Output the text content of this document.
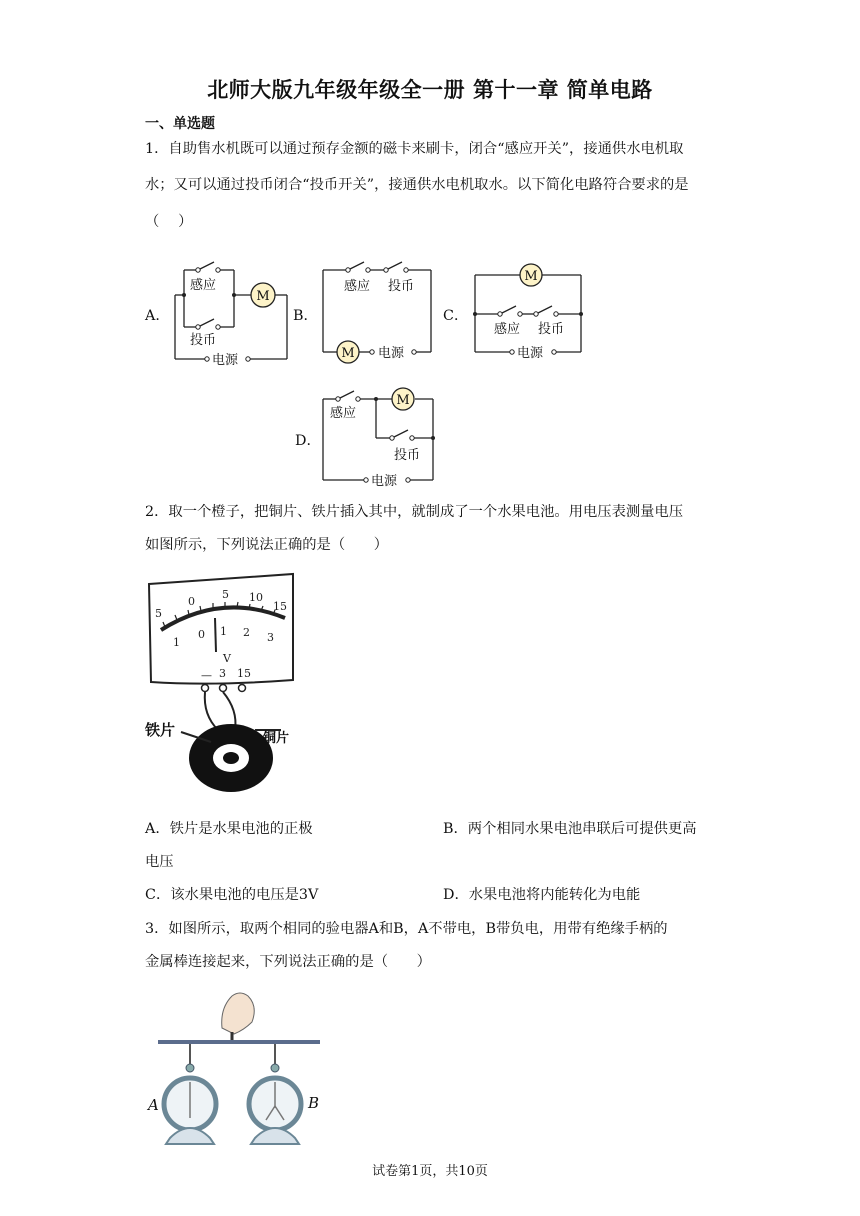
北师大版九年级年级全一册 第十一章 简单电路
一、单选题
1．自助售水机既可以通过预存金额的磁卡来刷卡，闭合“感应开关”，接通供水电机取
水；又可以通过投币闭合“投币开关”，接通供水电机取水。以下简化电路符合要求的是
（　 ）
A．	B．	C．
D．
M
感应
投币
电源
感应 投币
M 电源
M
感应 投币
电源
M
感应
投币
电源
2．取一个橙子，把铜片、铁片插入其中，就制成了一个水果电池。用电压表测量电压
如图所示，下列说法正确的是（　　）
5
0
5 10
15
1
0 1 2 3
V
— 3 15
铁片	铜片
A．铁片是水果电池的正极	B．两个相同水果电池串联后可提供更高
电压
C．该水果电池的电压是3V	D．水果电池将内能转化为电能
3．如图所示，取两个相同的验电器A和B，A不带电，B带负电，用带有绝缘手柄的
金属棒连接起来，下列说法正确的是（　　）
A	B
试卷第1页，共10页
